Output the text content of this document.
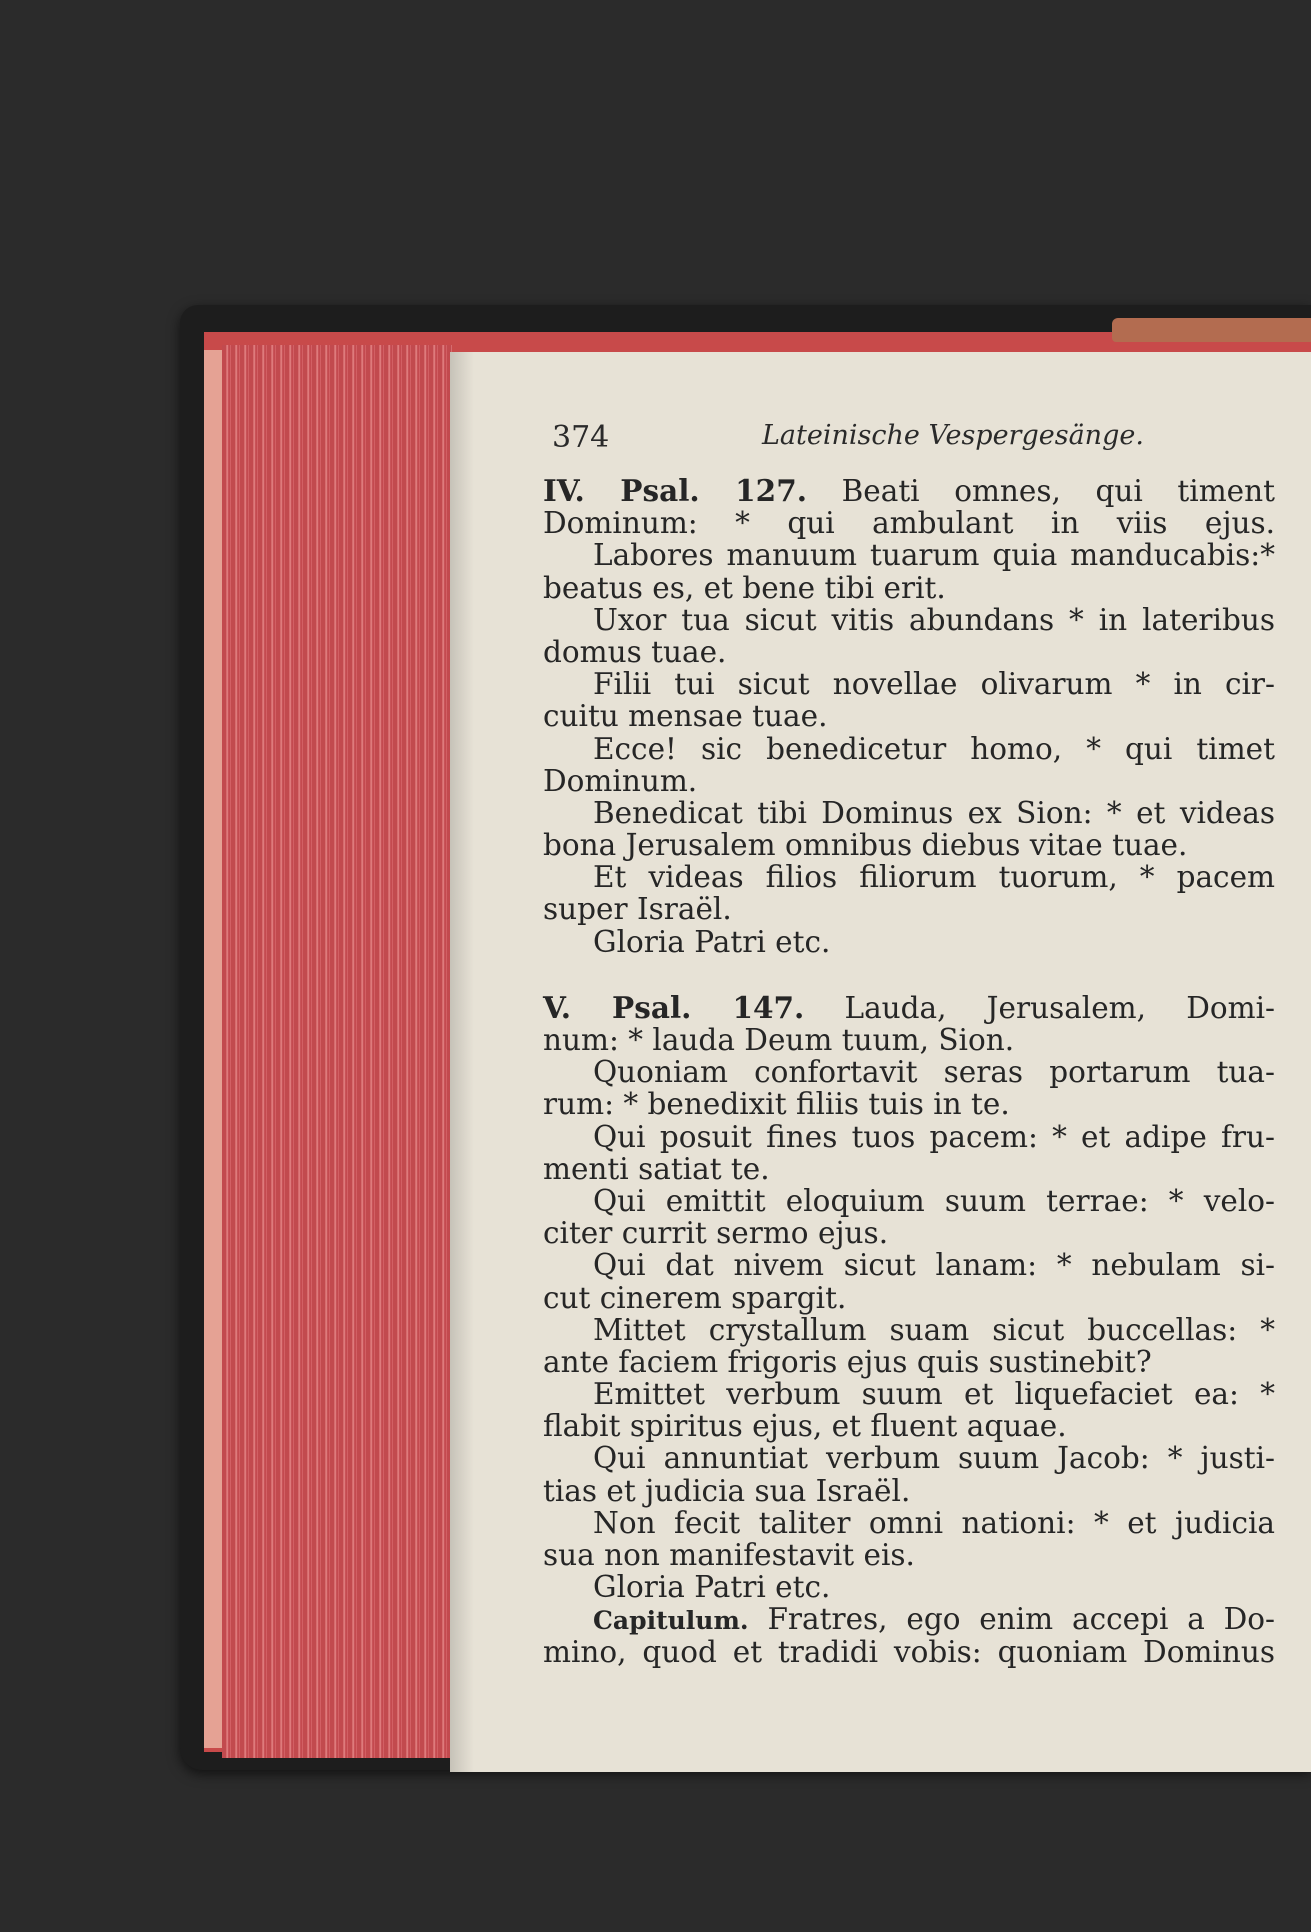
374	Lateinische Vespergesänge.
IV. Psal. 127. Beati omnes, qui timent
Dominum: * qui ambulant in viis ejus.
Labores manuum tuarum quia manducabis:*
beatus es, et bene tibi erit.
Uxor tua sicut vitis abundans * in lateribus
domus tuae.
Filii tui sicut novellae olivarum * in cir-
cuitu mensae tuae.
Ecce! sic benedicetur homo, * qui timet
Dominum.
Benedicat tibi Dominus ex Sion: * et videas
bona Jerusalem omnibus diebus vitae tuae.
Et videas filios filiorum tuorum, * pacem
super Israël.
Gloria Patri etc.
V. Psal. 147. Lauda, Jerusalem, Domi-
num: * lauda Deum tuum, Sion.
Quoniam confortavit seras portarum tua-
rum: * benedixit filiis tuis in te.
Qui posuit fines tuos pacem: * et adipe fru-
menti satiat te.
Qui emittit eloquium suum terrae: * velo-
citer currit sermo ejus.
Qui dat nivem sicut lanam: * nebulam si-
cut cinerem spargit.
Mittet crystallum suam sicut buccellas: *
ante faciem frigoris ejus quis sustinebit?
Emittet verbum suum et liquefaciet ea: *
flabit spiritus ejus, et fluent aquae.
Qui annuntiat verbum suum Jacob: * justi-
tias et judicia sua Israël.
Non fecit taliter omni nationi: * et judicia
sua non manifestavit eis.
Gloria Patri etc.
Capitulum. Fratres, ego enim accepi a Do-
mino, quod et tradidi vobis: quoniam Dominus
